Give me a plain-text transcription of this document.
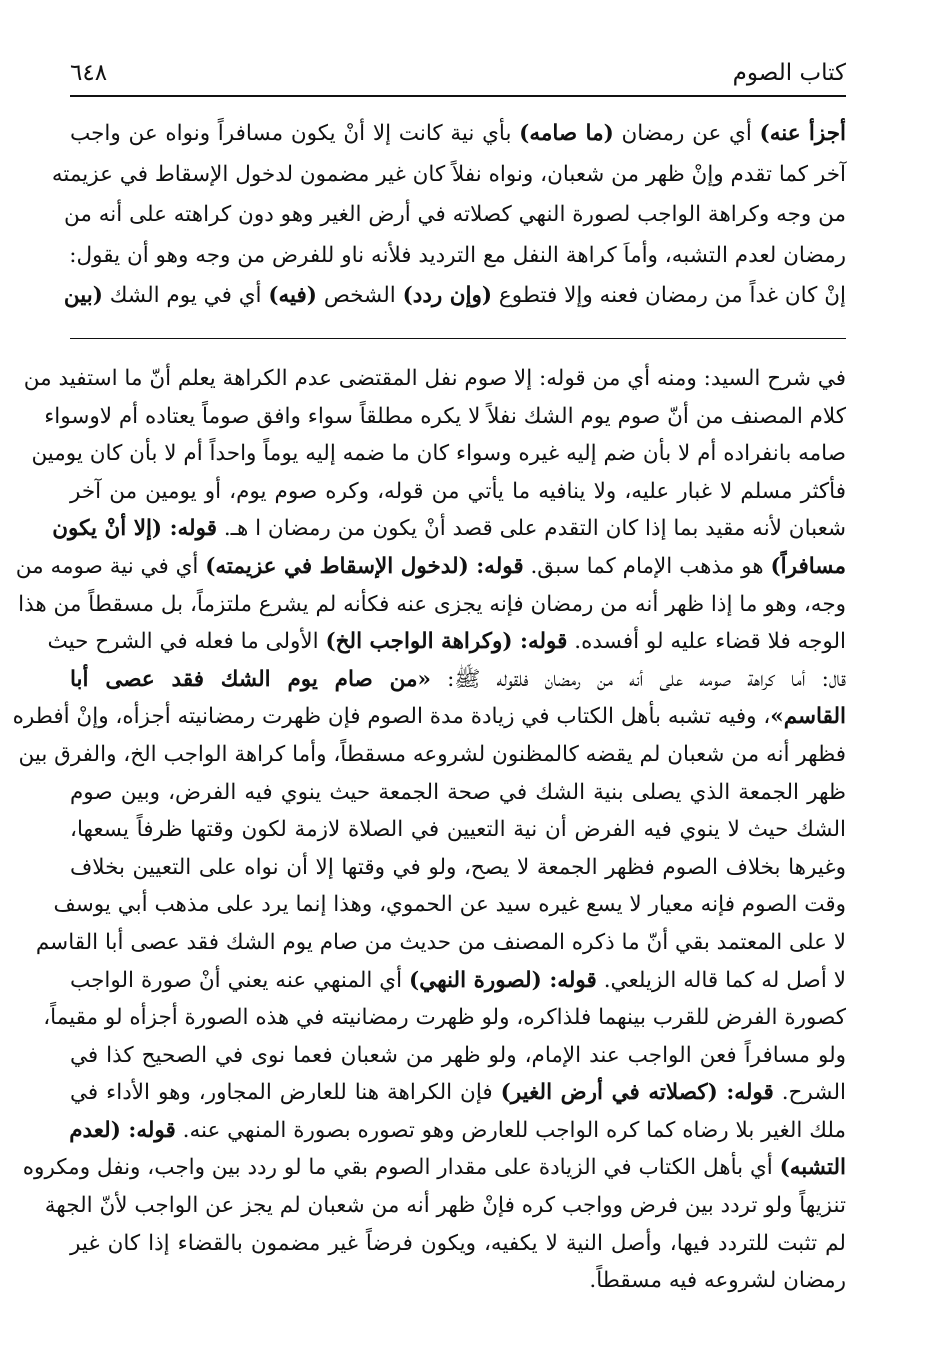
كتاب الصوم
٦٤٨
أجزأ عنه) أي عن رمضان (ما صامه) بأي نية كانت إلا أنْ يكون مسافراً ونواه عن واجب
آخر كما تقدم وإنْ ظهر من شعبان، ونواه نفلاً كان غير مضمون لدخول الإسقاط في عزيمته
من وجه وكراهة الواجب لصورة النهي كصلاته في أرض الغير وهو دون كراهته على أنه من
رمضان لعدم التشبه، وأماَ كراهة النفل مع الترديد فلأنه ناو للفرض من وجه وهو أن يقول:
إنْ كان غداً من رمضان فعنه وإلا فتطوع (وإن ردد) الشخص (فيه) أي في يوم الشك (بين
في شرح السيد: ومنه أي من قوله: إلا صوم نفل المقتضى عدم الكراهة يعلم أنّ ما استفيد من
كلام المصنف من أنّ صوم يوم الشك نفلاً لا يكره مطلقاً سواء وافق صوماً يعتاده أم لاوسواء
صامه بانفراده أم لا بأن ضم إليه غيره وسواء كان ما ضمه إليه يوماً واحداً أم لا بأن كان يومين
فأكثر مسلم لا غبار عليه، ولا ينافيه ما يأتي من قوله، وكره صوم يوم، أو يومين من آخر
شعبان لأنه مقيد بما إذا كان التقدم على قصد أنْ يكون من رمضان ا هـ. قوله: (إلا أنْ يكون
مسافراً) هو مذهب الإمام كما سبق. قوله: (لدخول الإسقاط في عزيمته) أي في نية صومه من
وجه، وهو ما إذا ظهر أنه من رمضان فإنه يجزى عنه فكأنه لم يشرع ملتزماً، بل مسقطاً من هذا
الوجه فلا قضاء عليه لو أفسده. قوله: (وكراهة الواجب الخ) الأولى ما فعله في الشرح حيث
قال: أما كراهة صومه على أنه من رمضان فلقوله ﷺ: «من صام يوم الشك فقد عصى أبا
القاسم»، وفيه تشبه بأهل الكتاب في زيادة مدة الصوم فإن ظهرت رمضانيته أجزأه، وإنْ أفطره
فظهر أنه من شعبان لم يقضه كالمظنون لشروعه مسقطاً، وأما كراهة الواجب الخ، والفرق بين
ظهر الجمعة الذي يصلى بنية الشك في صحة الجمعة حيث ينوي فيه الفرض، وبين صوم
الشك حيث لا ينوي فيه الفرض أن نية التعيين في الصلاة لازمة لكون وقتها ظرفاً يسعها،
وغيرها بخلاف الصوم فظهر الجمعة لا يصح، ولو في وقتها إلا أن نواه على التعيين بخلاف
وقت الصوم فإنه معيار لا يسع غيره سيد عن الحموي، وهذا إنما يرد على مذهب أبي يوسف
لا على المعتمد بقي أنّ ما ذكره المصنف من حديث من صام يوم الشك فقد عصى أبا القاسم
لا أصل له كما قاله الزيلعي. قوله: (لصورة النهي) أي المنهي عنه يعني أنْ صورة الواجب
كصورة الفرض للقرب بينهما فلذاكره، ولو ظهرت رمضانيته في هذه الصورة أجزأه لو مقيماً،
ولو مسافراً فعن الواجب عند الإمام، ولو ظهر من شعبان فعما نوى في الصحيح كذا في
الشرح. قوله: (كصلاته في أرض الغير) فإن الكراهة هنا للعارض المجاور، وهو الأداء في
ملك الغير بلا رضاه كما كره الواجب للعارض وهو تصوره بصورة المنهي عنه. قوله: (لعدم
التشبه) أي بأهل الكتاب في الزيادة على مقدار الصوم بقي ما لو ردد بين واجب، ونفل ومكروه
تنزيهاً ولو تردد بين فرض وواجب كره فإنْ ظهر أنه من شعبان لم يجز عن الواجب لأنّ الجهة
لم تثبت للتردد فيها، وأصل النية لا يكفيه، ويكون فرضاً غير مضمون بالقضاء إذا كان غير
رمضان لشروعه فيه مسقطاً.
